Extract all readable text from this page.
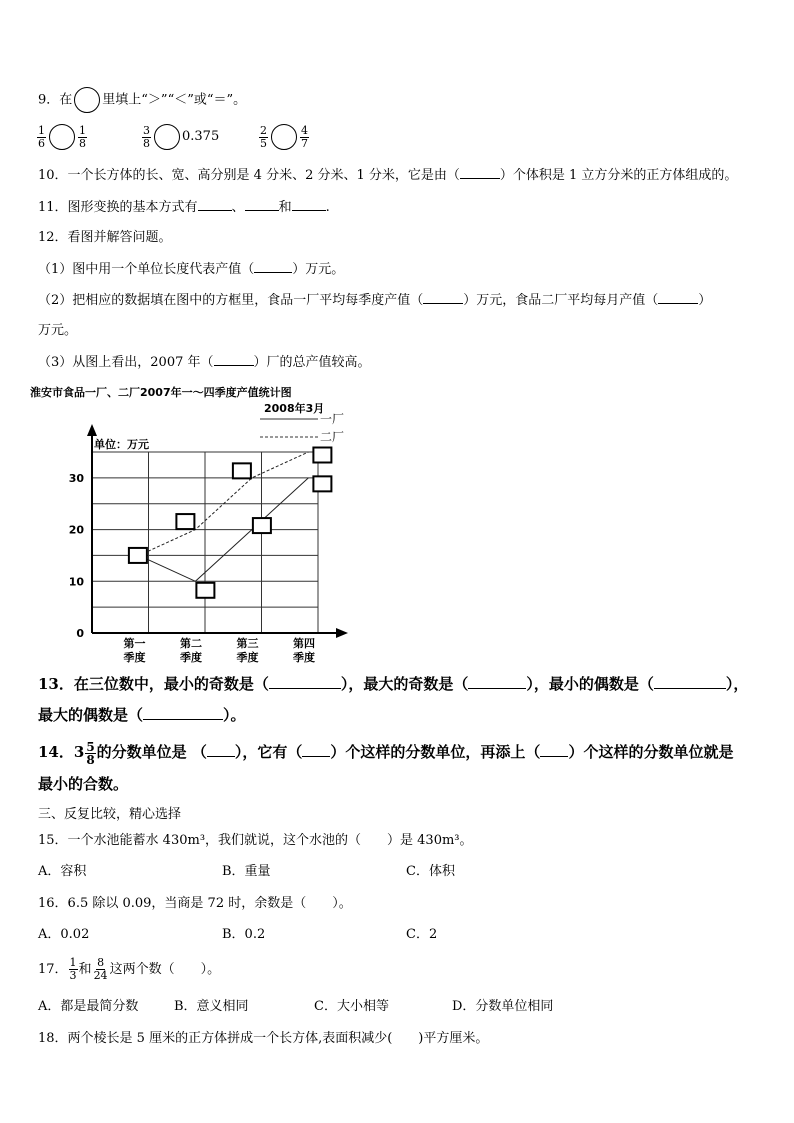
9．在 里填上“＞”“＜”或“＝”。
$\frac{1}{6}$	$\frac{1}{8}$	$\frac{3}{8} 0.375$	$\frac{2}{5}$	$\frac{4}{7}$
10．一个长方体的长、宽、高分别是 4 分米、2 分米、1 分米，它是由（	）个体积是 1 立方分米的正方体组成的。
11．图形变换的基本方式有	、	和	.
12．看图并解答问题。
（1）图中用一个单位长度代表产值（	）万元。
（2）把相应的数据填在图中的方框里，食品一厂平均每季度产值（	）万元，食品二厂平均每月产值（	）
万元。
（3）从图上看出，2007 年（	）厂的总产值较高。
淮安市食品一厂、二厂2007年一～四季度产值统计图
2008年3月
一厂
二厂
单位：万元
0
10
20
30
第一
季度
第二
季度
第三
季度
第四
季度
13．在三位数中，最小的奇数是（	），最大的奇数是（	），最小的偶数是（	），
最大的偶数是（	）。
14．$3 \frac{5}{8}$ 的分数单位是 （ ），它有（ ）个这样的分数单位，再添上（ ）个这样的分数单位就是
最小的合数。
三、反复比较，精心选择
15．一个水池能蓄水 430m³，我们就说，这个水池的（　　）是 430m³。
A．容积	B．重量	C．体积
16．6.5 除以 0.09，当商是 72 时，余数是（　　）。
A．0.02	B．0.2	C．2
17． $\frac{1}{3}$ 和 $\frac{8}{24}$ 这两个数（　　）。
A．都是最简分数	B．意义相同	C．大小相等	D．分数单位相同
18．两个棱长是 5 厘米的正方体拼成一个长方体,表面积减少(　　)平方厘米。
